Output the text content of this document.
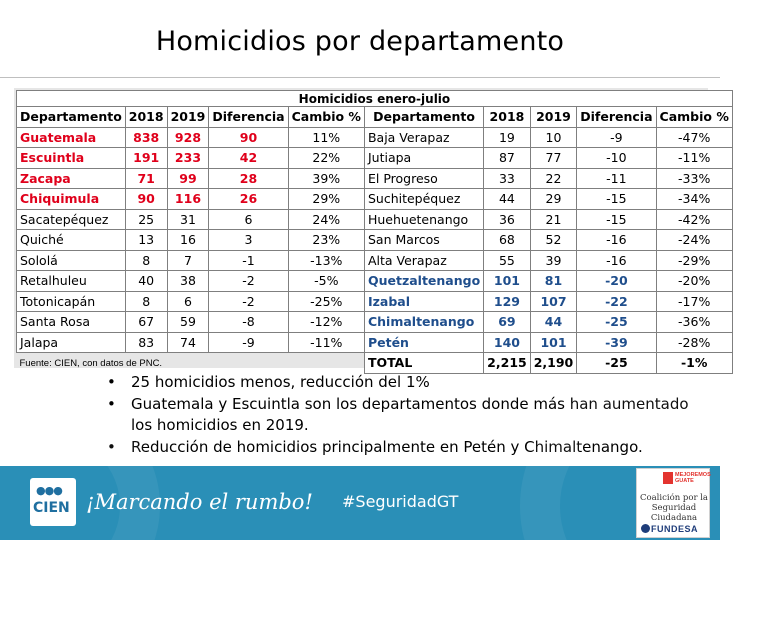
Homicidios por departamento
Homicidios enero-julio									
Departamento	2018	2019	Diferencia	Cambio %	Departamento	2018	2019	Diferencia	Cambio %
Guatemala	838	928	90	11%	Baja Verapaz	19	10	-9	-47%
Escuintla	191	233	42	22%	Jutiapa	87	77	-10	-11%
Zacapa	71	99	28	39%	El Progreso	33	22	-11	-33%
Chiquimula	90	116	26	29%	Suchitepéquez	44	29	-15	-34%
Sacatepéquez	25	31	6	24%	Huehuetenango	36	21	-15	-42%
Quiché	13	16	3	23%	San Marcos	68	52	-16	-24%
Sololá	8	7	-1	-13%	Alta Verapaz	55	39	-16	-29%
Retalhuleu	40	38	-2	-5%	Quetzaltenango	101	81	-20	-20%
Totonicapán	8	6	-2	-25%	Izabal	129	107	-22	-17%
Santa Rosa	67	59	-8	-12%	Chimaltenango	69	44	-25	-36%
Jalapa	83	74	-9	-11%	Petén	140	101	-39	-28%
Fuente: CIEN, con datos de PNC.					TOTAL	2,215	2,190	-25	-1%
• 25 homicidios menos, reducción del 1%
• Guatemala y Escuintla son los departamentos donde más han aumentado los homicidios en 2019.
• Reducción de homicidios principalmente en Petén y Chimaltenango.
●●●
CIEN ¡Marcando el rumbo! #SeguridadGT
MEJOREMOS GUATE
Coalición por la Seguridad Ciudadana
FUNDESA
